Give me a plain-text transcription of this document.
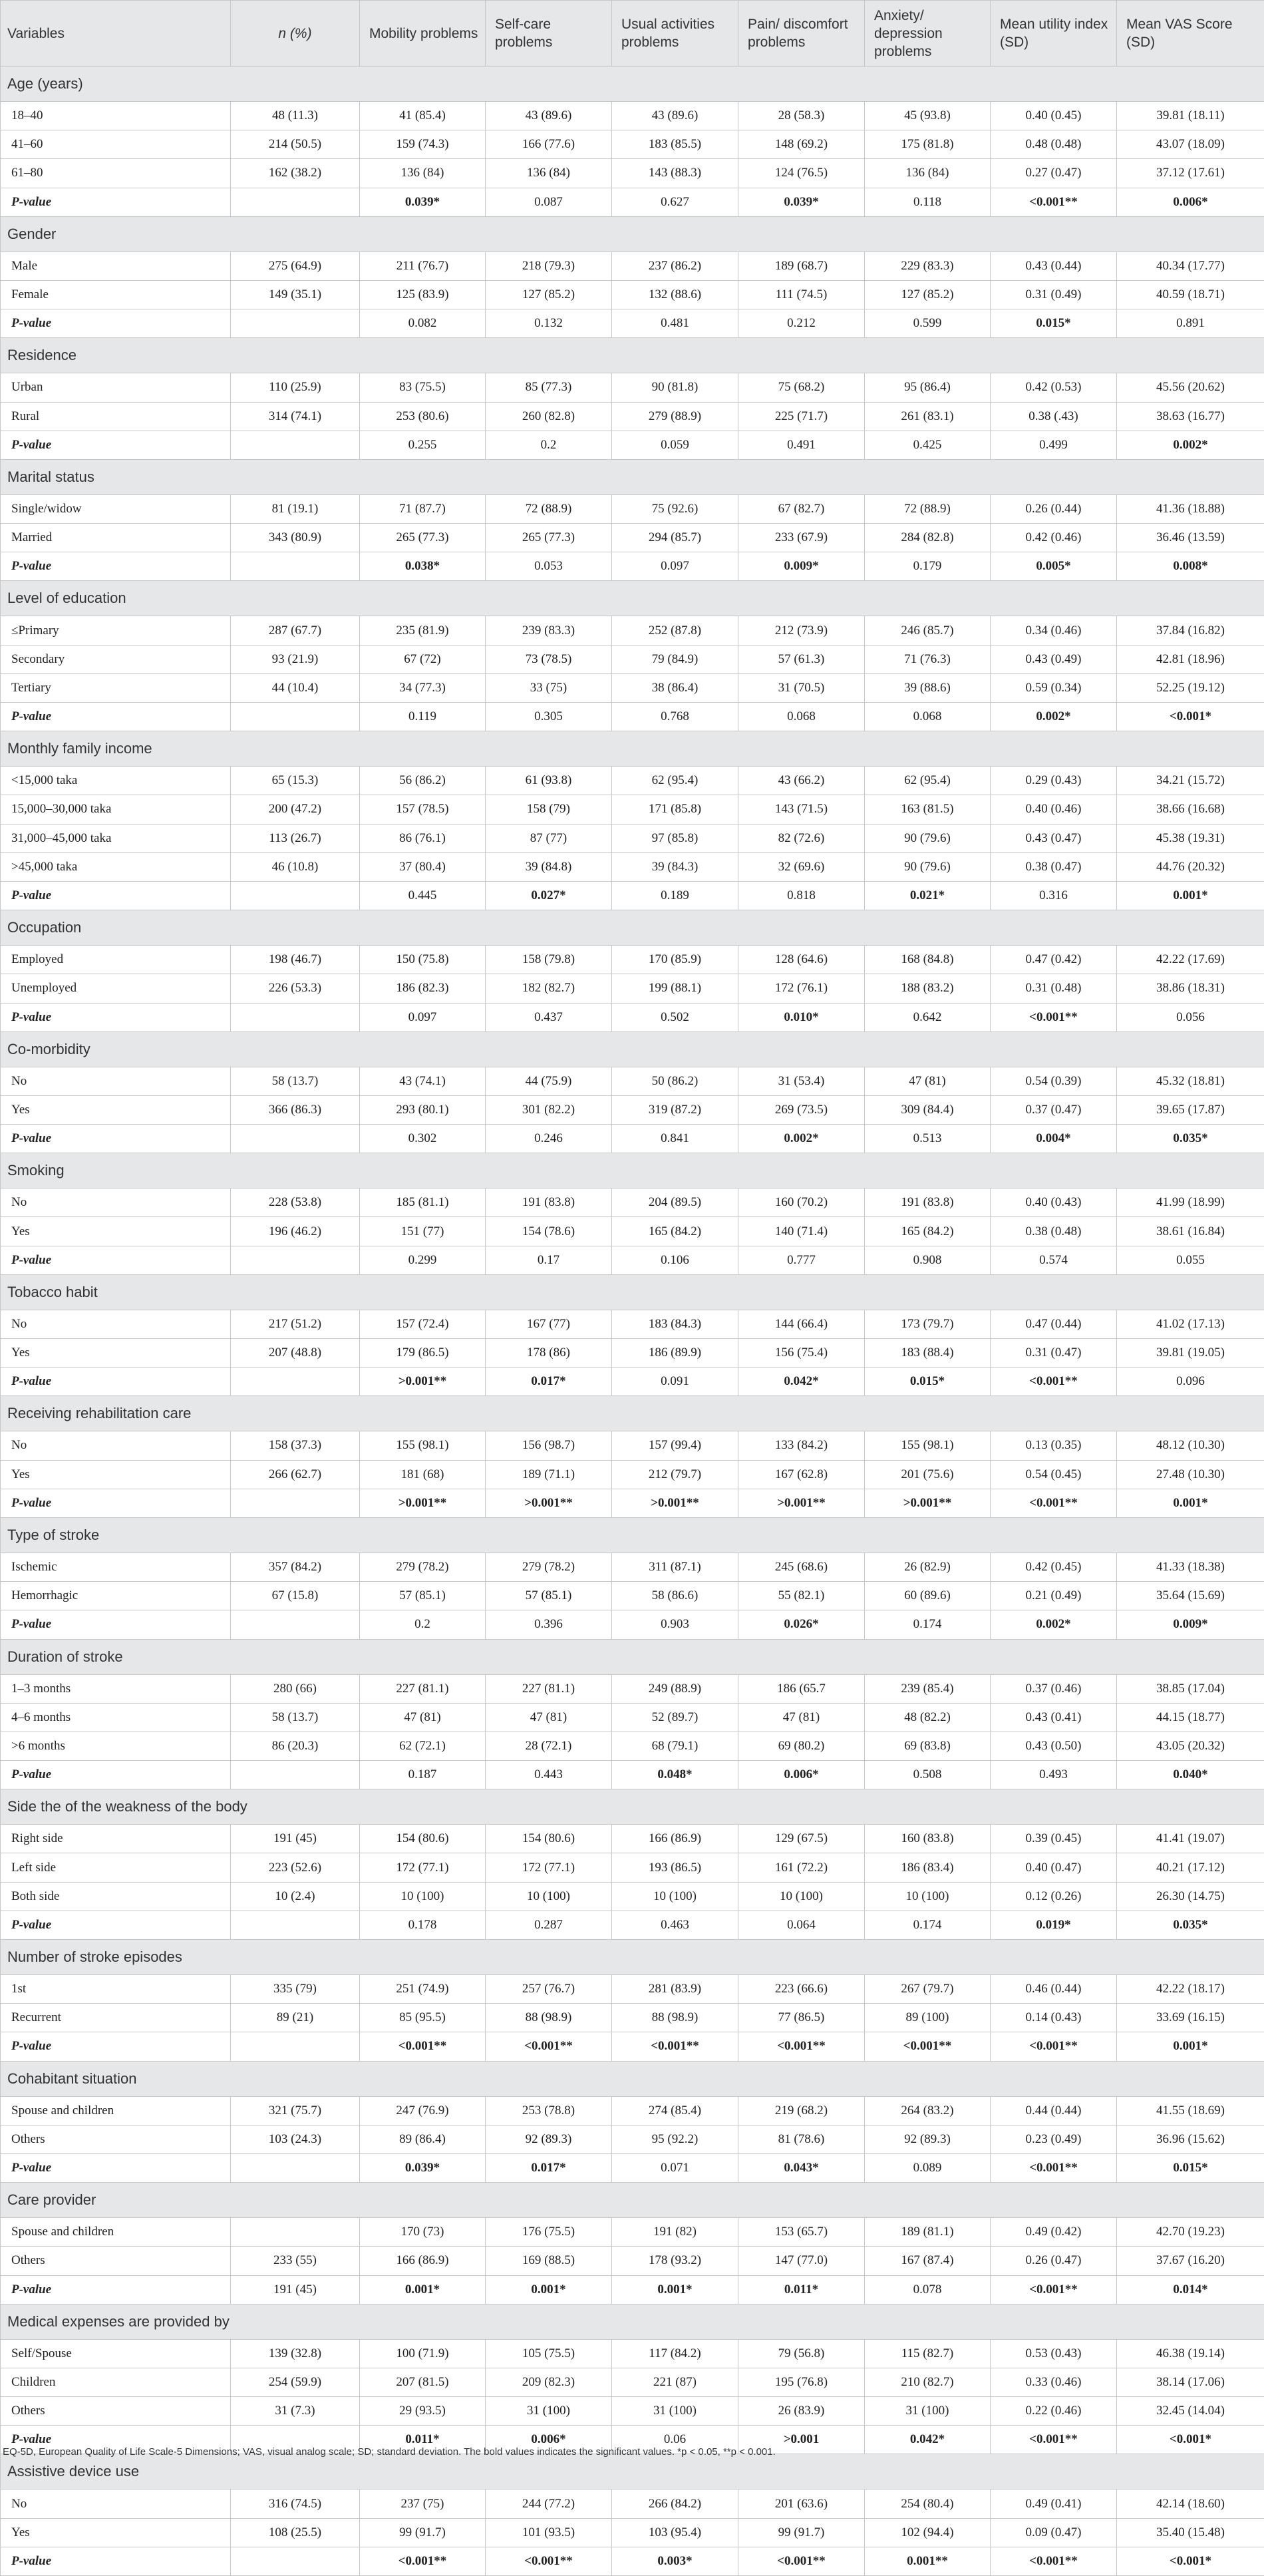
Variables	n (%)	Mobility problems	Self-care problems	Usual activities problems	Pain/ discomfort problems	Anxiety/ depression problems	Mean utility index (SD)	Mean VAS Score (SD)
Age (years)								
18–40	48 (11.3)	41 (85.4)	43 (89.6)	43 (89.6)	28 (58.3)	45 (93.8)	0.40 (0.45)	39.81 (18.11)
41–60	214 (50.5)	159 (74.3)	166 (77.6)	183 (85.5)	148 (69.2)	175 (81.8)	0.48 (0.48)	43.07 (18.09)
61–80	162 (38.2)	136 (84)	136 (84)	143 (88.3)	124 (76.5)	136 (84)	0.27 (0.47)	37.12 (17.61)
P-value		0.039*	0.087	0.627	0.039*	0.118	<0.001**	0.006*
Gender								
Male	275 (64.9)	211 (76.7)	218 (79.3)	237 (86.2)	189 (68.7)	229 (83.3)	0.43 (0.44)	40.34 (17.77)
Female	149 (35.1)	125 (83.9)	127 (85.2)	132 (88.6)	111 (74.5)	127 (85.2)	0.31 (0.49)	40.59 (18.71)
P-value		0.082	0.132	0.481	0.212	0.599	0.015*	0.891
Residence								
Urban	110 (25.9)	83 (75.5)	85 (77.3)	90 (81.8)	75 (68.2)	95 (86.4)	0.42 (0.53)	45.56 (20.62)
Rural	314 (74.1)	253 (80.6)	260 (82.8)	279 (88.9)	225 (71.7)	261 (83.1)	0.38 (.43)	38.63 (16.77)
P-value		0.255	0.2	0.059	0.491	0.425	0.499	0.002*
Marital status								
Single/widow	81 (19.1)	71 (87.7)	72 (88.9)	75 (92.6)	67 (82.7)	72 (88.9)	0.26 (0.44)	41.36 (18.88)
Married	343 (80.9)	265 (77.3)	265 (77.3)	294 (85.7)	233 (67.9)	284 (82.8)	0.42 (0.46)	36.46 (13.59)
P-value		0.038*	0.053	0.097	0.009*	0.179	0.005*	0.008*
Level of education								
≤Primary	287 (67.7)	235 (81.9)	239 (83.3)	252 (87.8)	212 (73.9)	246 (85.7)	0.34 (0.46)	37.84 (16.82)
Secondary	93 (21.9)	67 (72)	73 (78.5)	79 (84.9)	57 (61.3)	71 (76.3)	0.43 (0.49)	42.81 (18.96)
Tertiary	44 (10.4)	34 (77.3)	33 (75)	38 (86.4)	31 (70.5)	39 (88.6)	0.59 (0.34)	52.25 (19.12)
P-value		0.119	0.305	0.768	0.068	0.068	0.002*	<0.001*
Monthly family income								
<15,000 taka	65 (15.3)	56 (86.2)	61 (93.8)	62 (95.4)	43 (66.2)	62 (95.4)	0.29 (0.43)	34.21 (15.72)
15,000–30,000 taka	200 (47.2)	157 (78.5)	158 (79)	171 (85.8)	143 (71.5)	163 (81.5)	0.40 (0.46)	38.66 (16.68)
31,000–45,000 taka	113 (26.7)	86 (76.1)	87 (77)	97 (85.8)	82 (72.6)	90 (79.6)	0.43 (0.47)	45.38 (19.31)
>45,000 taka	46 (10.8)	37 (80.4)	39 (84.8)	39 (84.3)	32 (69.6)	90 (79.6)	0.38 (0.47)	44.76 (20.32)
P-value		0.445	0.027*	0.189	0.818	0.021*	0.316	0.001*
Occupation								
Employed	198 (46.7)	150 (75.8)	158 (79.8)	170 (85.9)	128 (64.6)	168 (84.8)	0.47 (0.42)	42.22 (17.69)
Unemployed	226 (53.3)	186 (82.3)	182 (82.7)	199 (88.1)	172 (76.1)	188 (83.2)	0.31 (0.48)	38.86 (18.31)
P-value		0.097	0.437	0.502	0.010*	0.642	<0.001**	0.056
Co-morbidity								
No	58 (13.7)	43 (74.1)	44 (75.9)	50 (86.2)	31 (53.4)	47 (81)	0.54 (0.39)	45.32 (18.81)
Yes	366 (86.3)	293 (80.1)	301 (82.2)	319 (87.2)	269 (73.5)	309 (84.4)	0.37 (0.47)	39.65 (17.87)
P-value		0.302	0.246	0.841	0.002*	0.513	0.004*	0.035*
Smoking								
No	228 (53.8)	185 (81.1)	191 (83.8)	204 (89.5)	160 (70.2)	191 (83.8)	0.40 (0.43)	41.99 (18.99)
Yes	196 (46.2)	151 (77)	154 (78.6)	165 (84.2)	140 (71.4)	165 (84.2)	0.38 (0.48)	38.61 (16.84)
P-value		0.299	0.17	0.106	0.777	0.908	0.574	0.055
Tobacco habit								
No	217 (51.2)	157 (72.4)	167 (77)	183 (84.3)	144 (66.4)	173 (79.7)	0.47 (0.44)	41.02 (17.13)
Yes	207 (48.8)	179 (86.5)	178 (86)	186 (89.9)	156 (75.4)	183 (88.4)	0.31 (0.47)	39.81 (19.05)
P-value		>0.001**	0.017*	0.091	0.042*	0.015*	<0.001**	0.096
Receiving rehabilitation care								
No	158 (37.3)	155 (98.1)	156 (98.7)	157 (99.4)	133 (84.2)	155 (98.1)	0.13 (0.35)	48.12 (10.30)
Yes	266 (62.7)	181 (68)	189 (71.1)	212 (79.7)	167 (62.8)	201 (75.6)	0.54 (0.45)	27.48 (10.30)
P-value		>0.001**	>0.001**	>0.001**	>0.001**	>0.001**	<0.001**	0.001*
Type of stroke								
Ischemic	357 (84.2)	279 (78.2)	279 (78.2)	311 (87.1)	245 (68.6)	26 (82.9)	0.42 (0.45)	41.33 (18.38)
Hemorrhagic	67 (15.8)	57 (85.1)	57 (85.1)	58 (86.6)	55 (82.1)	60 (89.6)	0.21 (0.49)	35.64 (15.69)
P-value		0.2	0.396	0.903	0.026*	0.174	0.002*	0.009*
Duration of stroke								
1–3 months	280 (66)	227 (81.1)	227 (81.1)	249 (88.9)	186 (65.7	239 (85.4)	0.37 (0.46)	38.85 (17.04)
4–6 months	58 (13.7)	47 (81)	47 (81)	52 (89.7)	47 (81)	48 (82.2)	0.43 (0.41)	44.15 (18.77)
>6 months	86 (20.3)	62 (72.1)	28 (72.1)	68 (79.1)	69 (80.2)	69 (83.8)	0.43 (0.50)	43.05 (20.32)
P-value		0.187	0.443	0.048*	0.006*	0.508	0.493	0.040*
Side the of the weakness of the body								
Right side	191 (45)	154 (80.6)	154 (80.6)	166 (86.9)	129 (67.5)	160 (83.8)	0.39 (0.45)	41.41 (19.07)
Left side	223 (52.6)	172 (77.1)	172 (77.1)	193 (86.5)	161 (72.2)	186 (83.4)	0.40 (0.47)	40.21 (17.12)
Both side	10 (2.4)	10 (100)	10 (100)	10 (100)	10 (100)	10 (100)	0.12 (0.26)	26.30 (14.75)
P-value		0.178	0.287	0.463	0.064	0.174	0.019*	0.035*
Number of stroke episodes								
1st	335 (79)	251 (74.9)	257 (76.7)	281 (83.9)	223 (66.6)	267 (79.7)	0.46 (0.44)	42.22 (18.17)
Recurrent	89 (21)	85 (95.5)	88 (98.9)	88 (98.9)	77 (86.5)	89 (100)	0.14 (0.43)	33.69 (16.15)
P-value		<0.001**	<0.001**	<0.001**	<0.001**	<0.001**	<0.001**	0.001*
Cohabitant situation								
Spouse and children	321 (75.7)	247 (76.9)	253 (78.8)	274 (85.4)	219 (68.2)	264 (83.2)	0.44 (0.44)	41.55 (18.69)
Others	103 (24.3)	89 (86.4)	92 (89.3)	95 (92.2)	81 (78.6)	92 (89.3)	0.23 (0.49)	36.96 (15.62)
P-value		0.039*	0.017*	0.071	0.043*	0.089	<0.001**	0.015*
Care provider								
Spouse and children		170 (73)	176 (75.5)	191 (82)	153 (65.7)	189 (81.1)	0.49 (0.42)	42.70 (19.23)
Others	233 (55)	166 (86.9)	169 (88.5)	178 (93.2)	147 (77.0)	167 (87.4)	0.26 (0.47)	37.67 (16.20)
P-value	191 (45)	0.001*	0.001*	0.001*	0.011*	0.078	<0.001**	0.014*
Medical expenses are provided by								
Self/Spouse	139 (32.8)	100 (71.9)	105 (75.5)	117 (84.2)	79 (56.8)	115 (82.7)	0.53 (0.43)	46.38 (19.14)
Children	254 (59.9)	207 (81.5)	209 (82.3)	221 (87)	195 (76.8)	210 (82.7)	0.33 (0.46)	38.14 (17.06)
Others	31 (7.3)	29 (93.5)	31 (100)	31 (100)	26 (83.9)	31 (100)	0.22 (0.46)	32.45 (14.04)
P-value		0.011*	0.006*	0.06	>0.001	0.042*	<0.001**	<0.001*
Assistive device use								
No	316 (74.5)	237 (75)	244 (77.2)	266 (84.2)	201 (63.6)	254 (80.4)	0.49 (0.41)	42.14 (18.60)
Yes	108 (25.5)	99 (91.7)	101 (93.5)	103 (95.4)	99 (91.7)	102 (94.4)	0.09 (0.47)	35.40 (15.48)
P-value		<0.001**	<0.001**	0.003*	<0.001**	0.001**	<0.001**	<0.001*
EQ-5D, European Quality of Life Scale-5 Dimensions; VAS, visual analog scale; SD; standard deviation. The bold values indicates the significant values. *p < 0.05, **p < 0.001.
